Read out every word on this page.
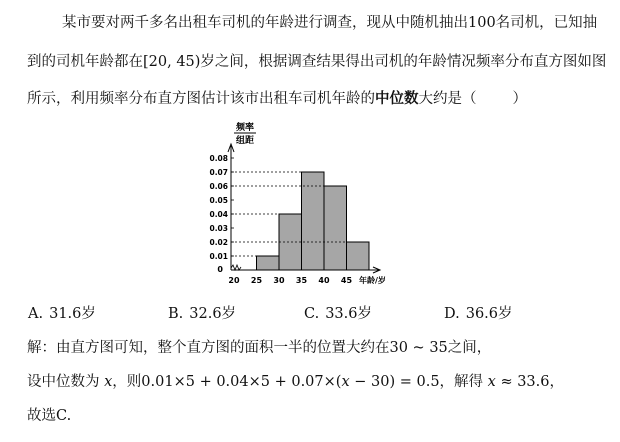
某市要对两千多名出租车司机的年龄进行调查，现从中随机抽出100名司机，已知抽
到的司机年龄都在[20, 45)岁之间，根据调查结果得出司机的年龄情况频率分布直方图如图
所示，利用频率分布直方图估计该市出租车司机年龄的中位数大约是（ ）
0.08
0.07
0.06
0.05
0.04
0.03
0.02
0.01
0
20 25 30 35 40 45 年龄/岁
频率
组距
A. 31.6岁	B. 32.6岁	C. 33.6岁	D. 36.6岁
解：由直方图可知，整个直方图的面积一半的位置大约在30 ~ 35之间，
设中位数为 x，则0.01×5 + 0.04×5 + 0.07×(x − 30) = 0.5，解得 x ≈ 33.6，
故选C.
